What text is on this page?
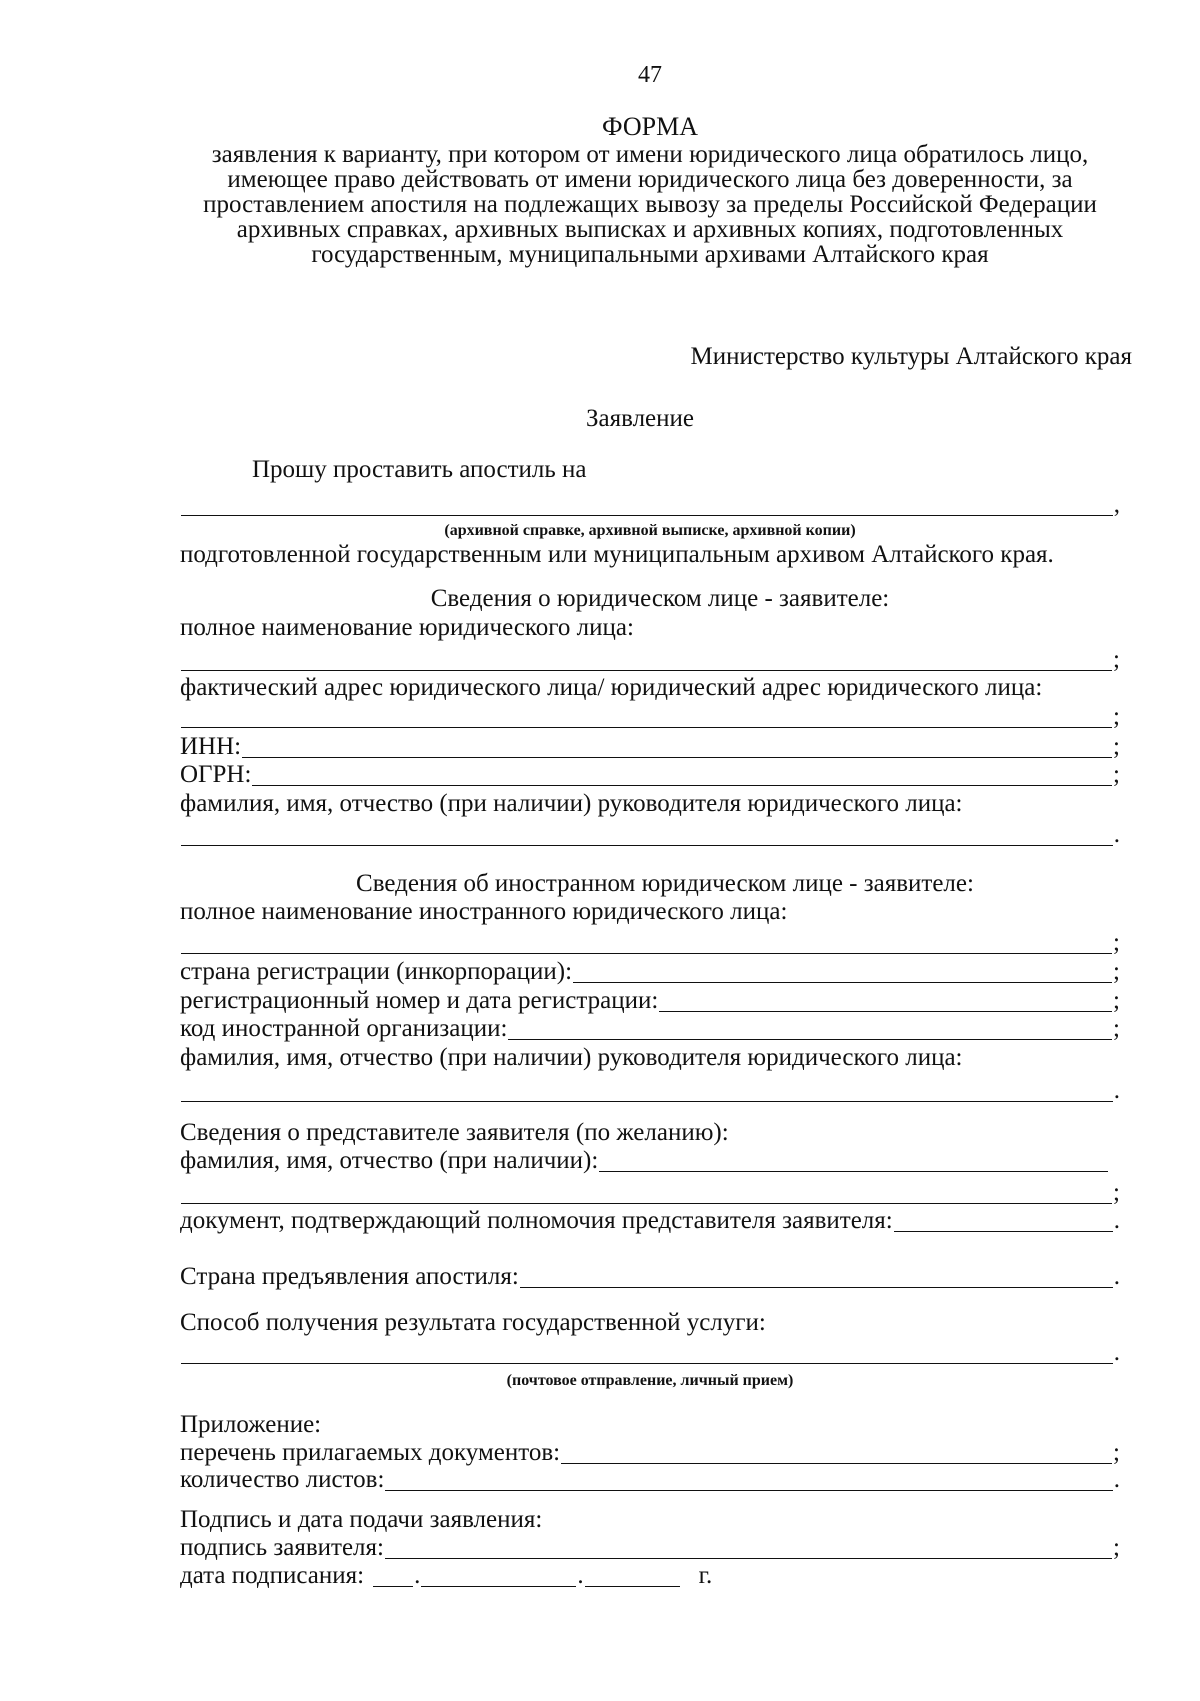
47
ФОРМА
заявления к варианту, при котором от имени юридического лица обратилось лицо, имеющее право действовать от имени юридического лица без доверенности, за проставлением апостиля на подлежащих вывозу за пределы Российской Федерации архивных справках, архивных выписках и архивных копиях, подготовленных государственным, муниципальными архивами Алтайского края
Министерство культуры Алтайского края
Заявление
Прошу проставить апостиль на
,
(архивной справке, архивной выписке, архивной копии)
подготовленной государственным или муниципальным архивом Алтайского края.
Сведения о юридическом лице - заявителе:
полное наименование юридического лица:
;
фактический адрес юридического лица/ юридический адрес юридического лица:
;
ИНН:	;
ОГРН:	;
фамилия, имя, отчество (при наличии) руководителя юридического лица:
.
Сведения об иностранном юридическом лице - заявителе:
полное наименование иностранного юридического лица:
;
страна регистрации (инкорпорации):	;
регистрационный номер и дата регистрации:	;
код иностранной организации:	;
фамилия, имя, отчество (при наличии) руководителя юридического лица:
.
Сведения о представителе заявителя (по желанию):
фамилия, имя, отчество (при наличии):
;
документ, подтверждающий полномочия представителя заявителя:	.
Страна предъявления апостиля:	.
Способ получения результата государственной услуги:
.
(почтовое отправление, личный прием)
Приложение:
перечень прилагаемых документов:	;
количество листов:	.
Подпись и дата подачи заявления:
подпись заявителя:	;
дата подписания: .	.	г.
